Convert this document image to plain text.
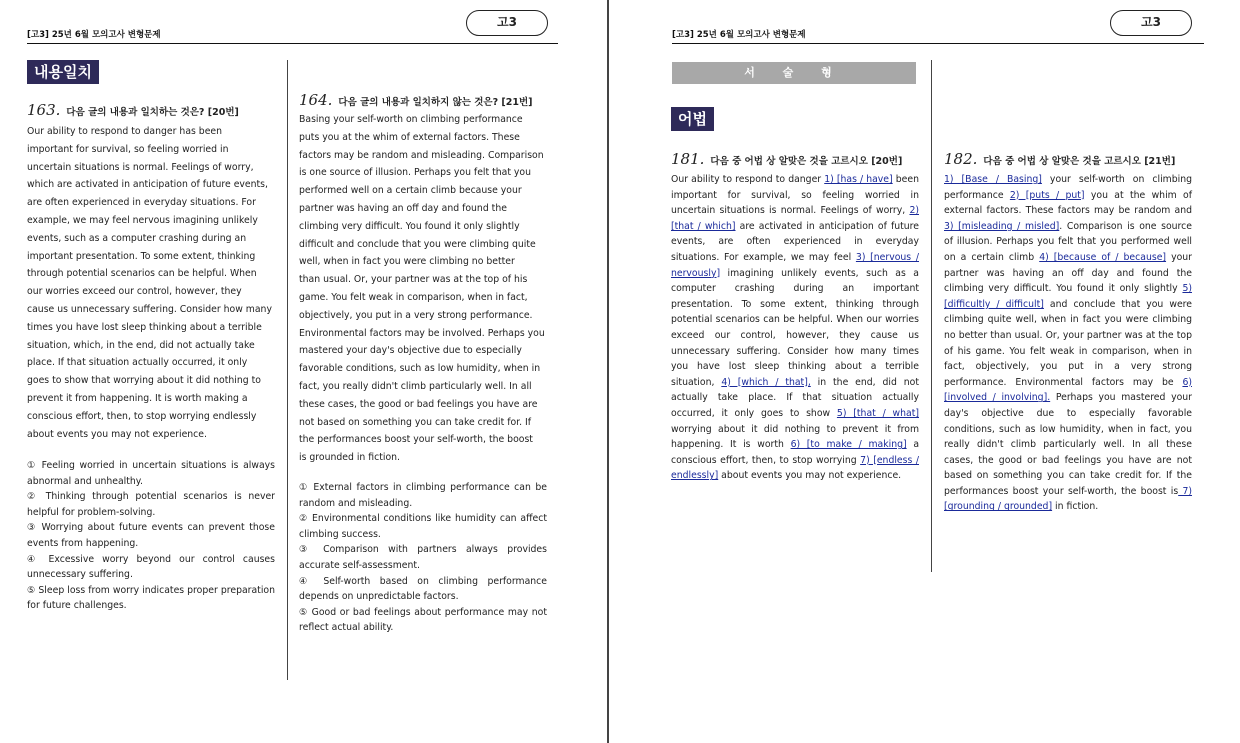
[고3] 25년 6월 모의고사 변형문제
고3
내용일치
163. 다음 글의 내용과 일치하는 것은? [20번]
Our ability to respond to danger has been
important for survival, so feeling worried in
uncertain situations is normal. Feelings of worry,
which are activated in anticipation of future events,
are often experienced in everyday situations. For
example, we may feel nervous imagining unlikely
events, such as a computer crashing during an
important presentation. To some extent, thinking
through potential scenarios can be helpful. When
our worries exceed our control, however, they
cause us unnecessary suffering. Consider how many
times you have lost sleep thinking about a terrible
situation, which, in the end, did not actually take
place. If that situation actually occurred, it only
goes to show that worrying about it did nothing to
prevent it from happening. It is worth making a
conscious effort, then, to stop worrying endlessly
about events you may not experience.
① Feeling worried in uncertain situations is always abnormal and unhealthy.
② Thinking through potential scenarios is never helpful for problem-solving.
③ Worrying about future events can prevent those events from happening.
④ Excessive worry beyond our control causes unnecessary suffering.
⑤ Sleep loss from worry indicates proper preparation for future challenges.
164. 다음 글의 내용과 일치하지 않는 것은? [21번]
Basing your self-worth on climbing performance
puts you at the whim of external factors. These
factors may be random and misleading. Comparison
is one source of illusion. Perhaps you felt that you
performed well on a certain climb because your
partner was having an off day and found the
climbing very difficult. You found it only slightly
difficult and conclude that you were climbing quite
well, when in fact you were climbing no better
than usual. Or, your partner was at the top of his
game. You felt weak in comparison, when in fact,
objectively, you put in a very strong performance.
Environmental factors may be involved. Perhaps you
mastered your day's objective due to especially
favorable conditions, such as low humidity, when in
fact, you really didn't climb particularly well. In all
these cases, the good or bad feelings you have are
not based on something you can take credit for. If
the performances boost your self-worth, the boost
is grounded in fiction.
① External factors in climbing performance can be random and misleading.
② Environmental conditions like humidity can affect climbing success.
③ Comparison with partners always provides accurate self-assessment.
④ Self-worth based on climbing performance depends on unpredictable factors.
⑤ Good or bad feelings about performance may not reflect actual ability.
[고3] 25년 6월 모의고사 변형문제
고3
서 술 형
어법
181. 다음 중 어법 상 알맞은 것을 고르시오 [20번]

Our ability to respond to danger 1) [has / have] been important for survival, so feeling worried in uncertain situations is normal. Feelings of worry, 2) [that / which] are activated in anticipation of future events, are often experienced in everyday situations. For example, we may feel 3) [nervous / nervously] imagining unlikely events, such as a computer crashing during an important presentation. To some extent, thinking through potential scenarios can be helpful. When our worries exceed our control, however, they cause us unnecessary suffering. Consider how many times you have lost sleep thinking about a terrible situation, 4) [which / that], in the end, did not actually take place. If that situation actually occurred, it only goes to show 5) [that / what] worrying about it did nothing to prevent it from happening. It is worth 6) [to make / making] a conscious effort, then, to stop worrying 7) [endless / endlessly] about events you may not experience.

182. 다음 중 어법 상 알맞은 것을 고르시오 [21번]

1) [Base / Basing] your self-worth on climbing performance 2) [puts / put] you at the whim of external factors. These factors may be random and 3) [misleading / misled]. Comparison is one source of illusion. Perhaps you felt that you performed well on a certain climb 4) [because of / because] your partner was having an off day and found the climbing very difficult. You found it only slightly 5) [difficultly / difficult] and conclude that you were climbing quite well, when in fact you were climbing no better than usual. Or, your partner was at the top of his game. You felt weak in comparison, when in fact, objectively, you put in a very strong performance. Environmental factors may be 6) [involved / involving]. Perhaps you mastered your day's objective due to especially favorable conditions, such as low humidity, when in fact, you really didn't climb particularly well. In all these cases, the good or bad feelings you have are not based on something you can take credit for. If the performances boost your self-worth, the boost is 7) [grounding / grounded] in fiction.
